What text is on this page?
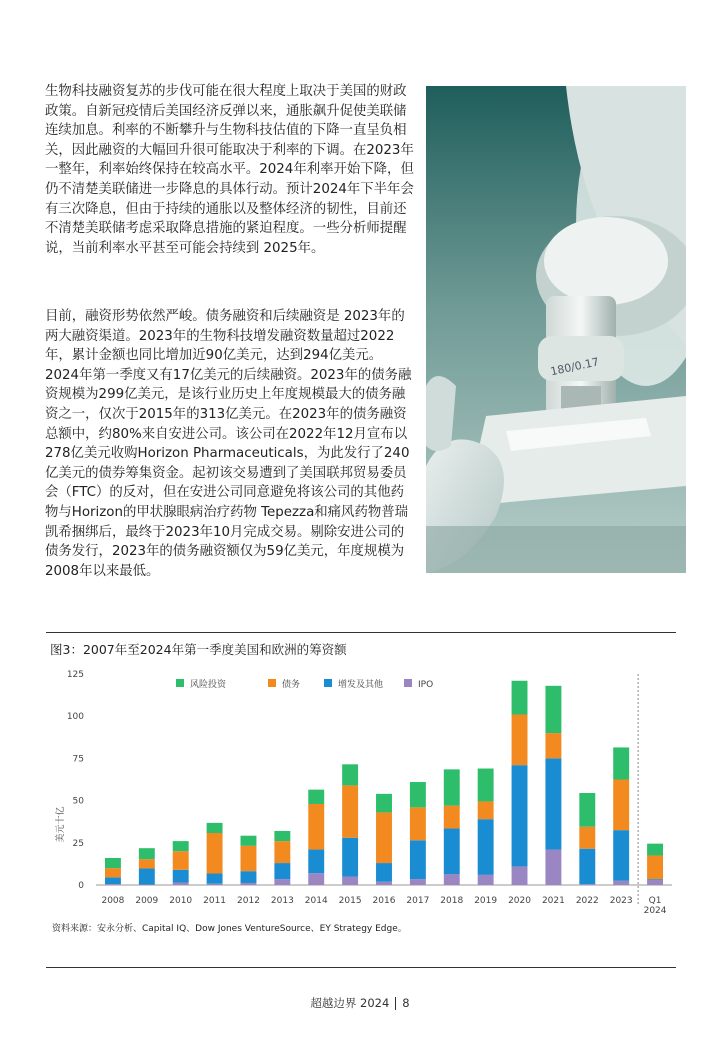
生物科技融资复苏的步伐可能在很大程度上取决于美国的财政政策。自新冠疫情后美国经济反弹以来，通胀飙升促使美联储连续加息。利率的不断攀升与生物科技估值的下降一直呈负相关，因此融资的大幅回升很可能取决于利率的下调。在2023年一整年，利率始终保持在较高水平。2024年利率开始下降，但仍不清楚美联储进一步降息的具体行动。预计2024年下半年会有三次降息，但由于持续的通胀以及整体经济的韧性，目前还不清楚美联储考虑采取降息措施的紧迫程度。一些分析师提醒说，当前利率水平甚至可能会持续到 2025年。

目前，融资形势依然严峻。债务融资和后续融资是 2023年的两大融资渠道。2023年的生物科技增发融资数量超过2022年，累计金额也同比增加近90亿美元，达到294亿美元。2024年第一季度又有17亿美元的后续融资。2023年的债务融资规模为299亿美元，是该行业历史上年度规模最大的债务融资之一，仅次于2015年的313亿美元。在2023年的债务融资总额中，约80%来自安进公司。该公司在2022年12月宣布以278亿美元收购Horizon Pharmaceuticals，为此发行了240亿美元的债券筹集资金。起初该交易遭到了美国联邦贸易委员会（FTC）的反对，但在安进公司同意避免将该公司的其他药物与Horizon的甲状腺眼病治疗药物 Tepezza和痛风药物普瑞凯希捆绑后，最终于2023年10月完成交易。剔除安进公司的债务发行，2023年的债务融资额仅为59亿美元，年度规模为2008年以来最低。

180/0.17
图3：2007年至2024年第一季度美国和欧洲的筹资额
0
25
50
75
100
125
美元十亿
2008 2009 2010 2011 2012 2013 2014 2015 2016 2017 2018 2019 2020 2021 2022 2023 Q1
2024
风险投资	债务	增发及其他	IPO
资料来源：安永分析、Capital IQ、Dow Jones VentureSource、EY Strategy Edge。
超越边界 2024 8
